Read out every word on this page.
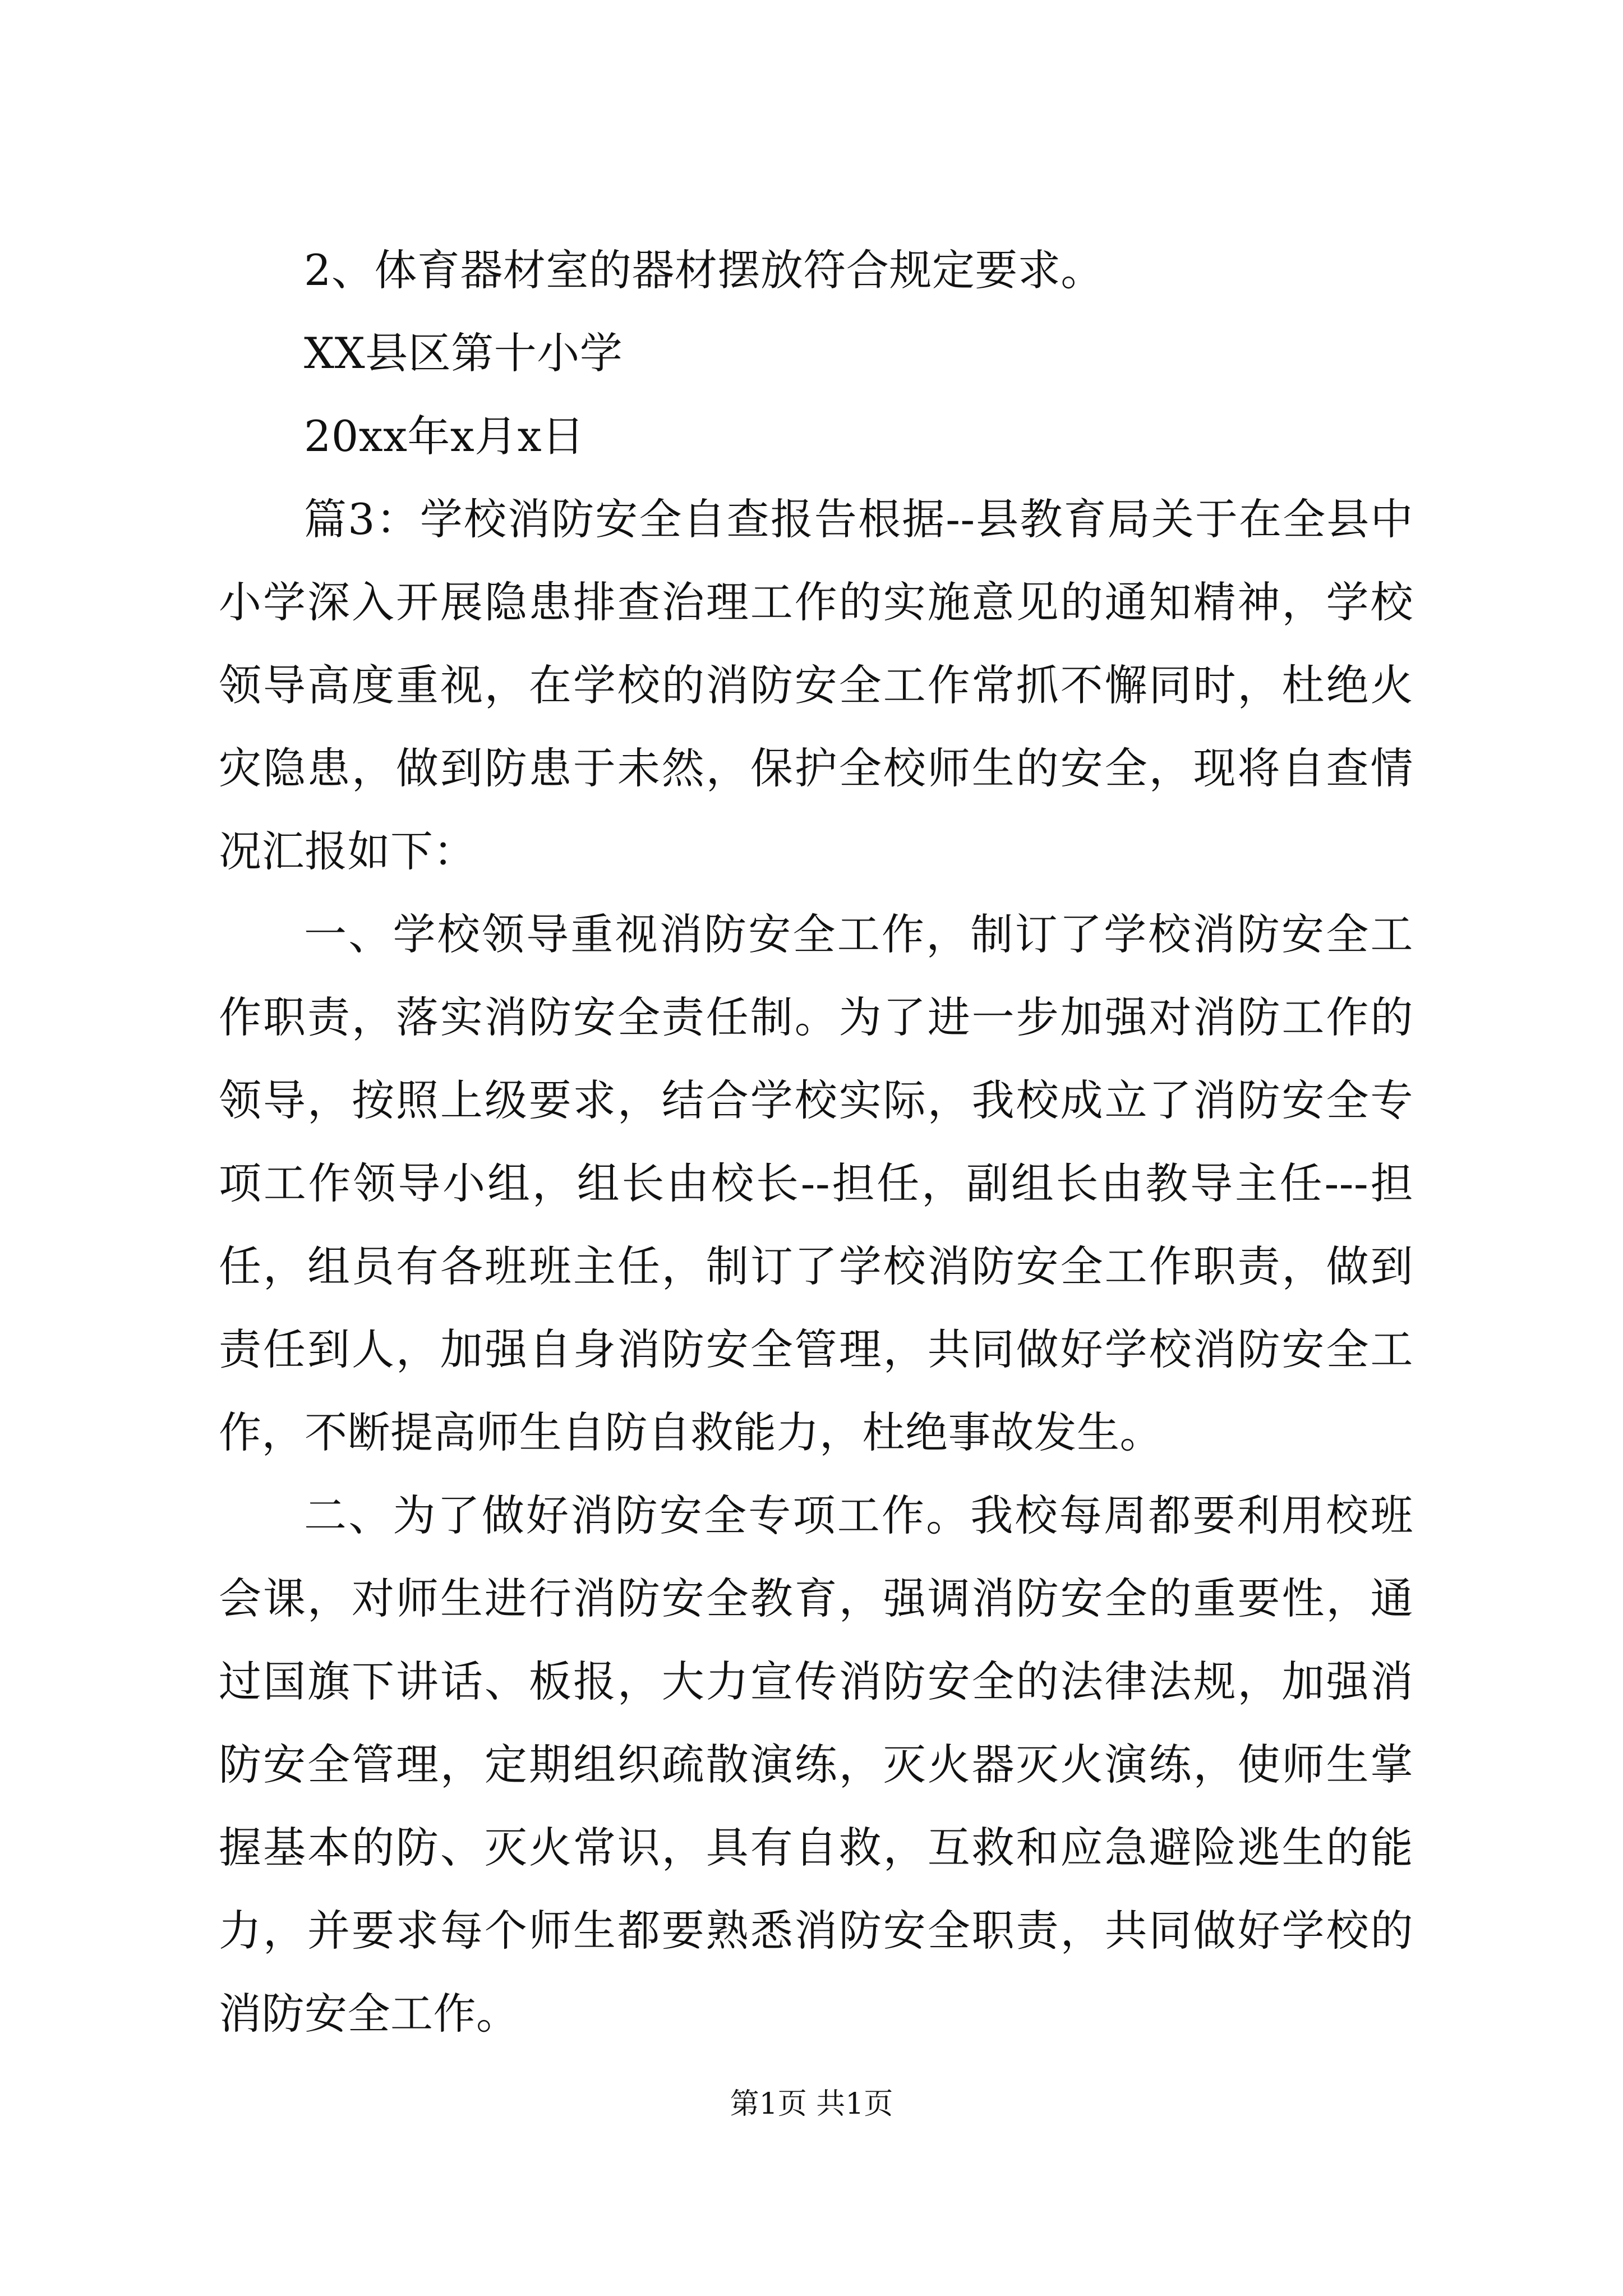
2、体育器材室的器材摆放符合规定要求。

XX县区第十小学

20xx年x月x日

篇3：学校消防安全自查报告根据--县教育局关于在全县中小学深入开展隐患排查治理工作的实施意见的通知精神，学校领导高度重视，在学校的消防安全工作常抓不懈同时，杜绝火灾隐患，做到防患于未然，保护全校师生的安全，现将自查情况汇报如下：

一、学校领导重视消防安全工作，制订了学校消防安全工作职责，落实消防安全责任制。为了进一步加强对消防工作的领导，按照上级要求，结合学校实际，我校成立了消防安全专项工作领导小组，组长由校长--担任，副组长由教导主任---担任，组员有各班班主任，制订了学校消防安全工作职责，做到责任到人，加强自身消防安全管理，共同做好学校消防安全工作，不断提高师生自防自救能力，杜绝事故发生。

二、为了做好消防安全专项工作。我校每周都要利用校班会课，对师生进行消防安全教育，强调消防安全的重要性，通过国旗下讲话、板报，大力宣传消防安全的法律法规，加强消防安全管理，定期组织疏散演练，灭火器灭火演练，使师生掌握基本的防、灭火常识，具有自救，互救和应急避险逃生的能力，并要求每个师生都要熟悉消防安全职责，共同做好学校的消防安全工作。

第1页 共1页
